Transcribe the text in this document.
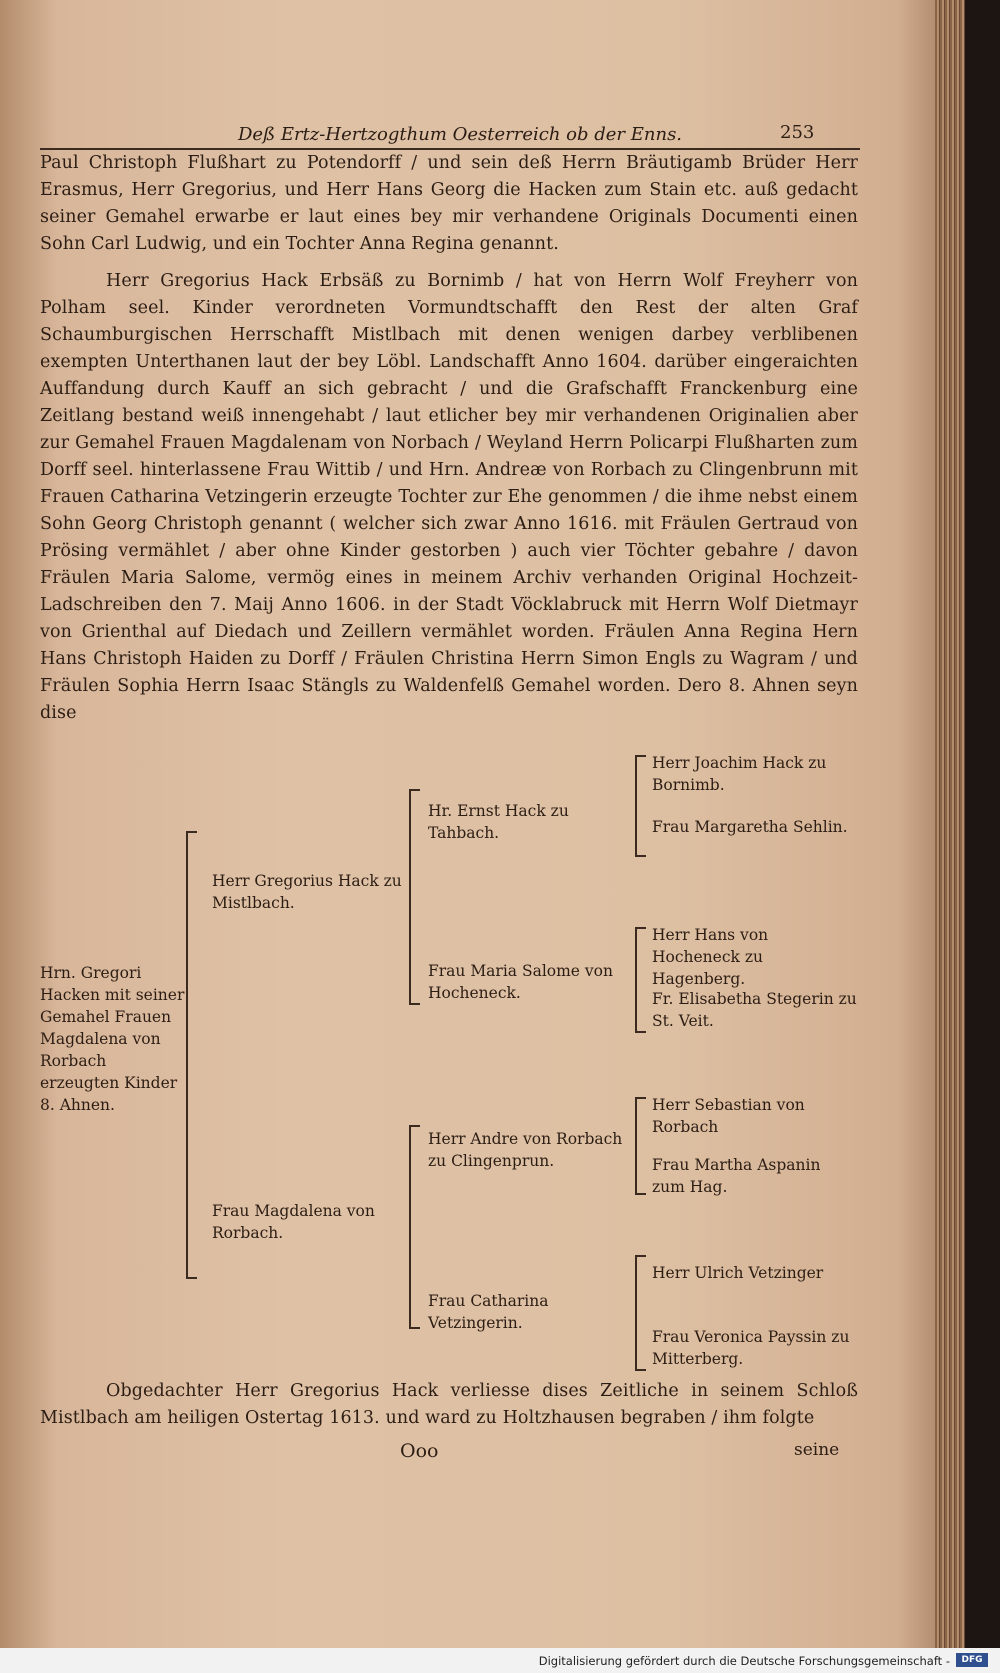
Deß Ertz-Hertzogthum Oesterreich ob der Enns.	253

Paul Christoph Flußhart zu Potendorff / und sein deß Herrn Bräutigamb Brüder Herr Erasmus, Herr Gregorius, und Herr Hans Georg die Hacken zum Stain etc. auß gedacht seiner Gemahel erwarbe er laut eines bey mir verhandene Originals Documenti einen Sohn Carl Ludwig, und ein Tochter Anna Regina genannt.

Herr Gregorius Hack Erbsäß zu Bornimb / hat von Herrn Wolf Freyherr von Polham seel. Kinder verordneten Vormundtschafft den Rest der alten Graf Schaumburgischen Herrschafft Mistlbach mit denen wenigen darbey verblibenen exempten Unterthanen laut der bey Löbl. Landschafft Anno 1604. darüber eingeraichten Auffandung durch Kauff an sich gebracht / und die Grafschafft Franckenburg eine Zeitlang bestand weiß innengehabt / laut etlicher bey mir verhandenen Originalien aber zur Gemahel Frauen Magdalenam von Norbach / Weyland Herrn Policarpi Flußharten zum Dorff seel. hinterlassene Frau Wittib / und Hrn. Andreæ von Rorbach zu Clingenbrunn mit Frauen Catharina Vetzingerin erzeugte Tochter zur Ehe genommen / die ihme nebst einem Sohn Georg Christoph genannt ( welcher sich zwar Anno 1616. mit Fräulen Gertraud von Prösing vermählet / aber ohne Kinder gestorben ) auch vier Töchter gebahre / davon Fräulen Maria Salome, vermög eines in meinem Archiv verhanden Original Hochzeit-Ladschreiben den 7. Maij Anno 1606. in der Stadt Vöcklabruck mit Herrn Wolf Dietmayr von Grienthal auf Diedach und Zeillern vermählet worden. Fräulen Anna Regina Hern Hans Christoph Haiden zu Dorff / Fräulen Christina Herrn Simon Engls zu Wagram / und Fräulen Sophia Herrn Isaac Stängls zu Waldenfelß Gemahel worden. Dero 8. Ahnen seyn dise

Hrn. Gregori Hacken mit seiner Gemahel Frauen Magdalena von Rorbach erzeugten Kinder 8. Ahnen.

Herr Gregorius Hack zu Mistlbach.

Frau Magdalena von Rorbach.

Hr. Ernst Hack zu Tahbach.

Frau Maria Salome von Hocheneck.

Herr Andre von Rorbach zu Clingenprun.

Frau Catharina Vetzingerin.

Herr Joachim Hack zu Bornimb.

Frau Margaretha Sehlin.

Herr Hans von Hocheneck zu Hagenberg.

Fr. Elisabetha Stegerin zu St. Veit.

Herr Sebastian von Rorbach

Frau Martha Aspanin zum Hag.

Herr Ulrich Vetzinger

Frau Veronica Payssin zu Mitterberg.

Obgedachter Herr Gregorius Hack verliesse dises Zeitliche in seinem Schloß Mistlbach am heiligen Ostertag 1613. und ward zu Holtzhausen begraben / ihm folgte

Ooo	seine
Digitalisierung gefördert durch die Deutsche Forschungsgemeinschaft -	DFG
